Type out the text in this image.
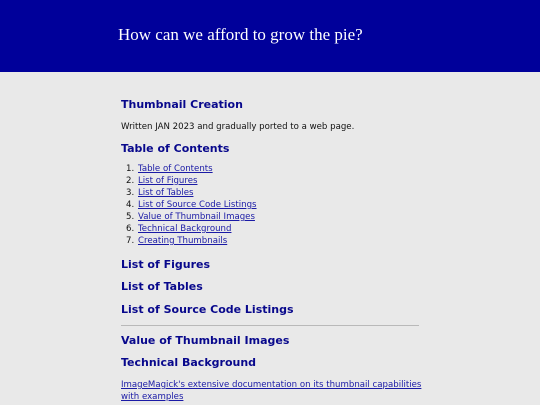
How can we afford to grow the pie?
Thumbnail Creation
Written JAN 2023 and gradually ported to a web page.
Table of Contents
1. Table of Contents
2. List of Figures
3. List of Tables
4. List of Source Code Listings
5. Value of Thumbnail Images
6. Technical Background
7. Creating Thumbnails
List of Figures
List of Tables
List of Source Code Listings
Value of Thumbnail Images
Technical Background
ImageMagick's extensive documentation on its thumbnail capabilities with examples
